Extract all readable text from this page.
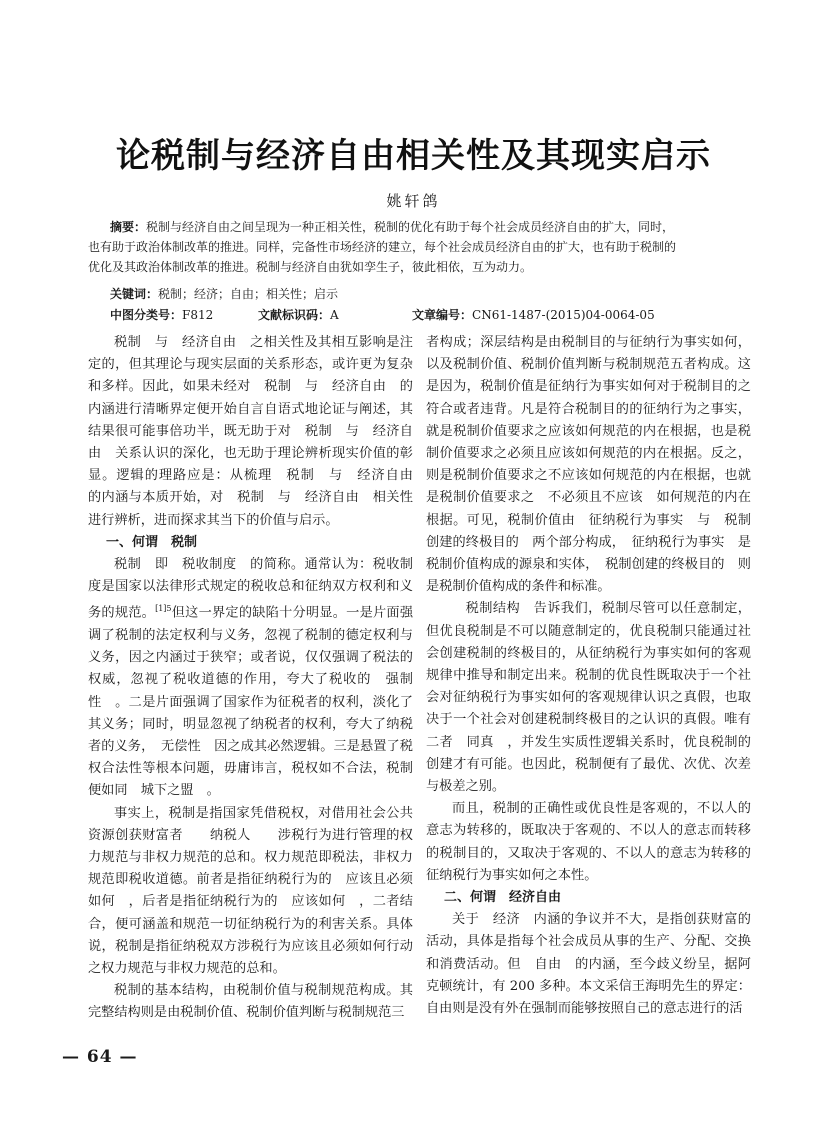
论税制与经济自由相关性及其现实启示
姚轩鸽
摘要：税制与经济自由之间呈现为一种正相关性，税制的优化有助于每个社会成员经济自由的扩大，同时，
也有助于政治体制改革的推进。同样，完备性市场经济的建立，每个社会成员经济自由的扩大，也有助于税制的
优化及其政治体制改革的推进。税制与经济自由犹如孪生子，彼此相依，互为动力。
关键词：税制；经济；自由；相关性；启示
中图分类号：F812	文献标识码：A	文章编号：CN61-1487-(2015)04-0064-05

税制　与　经济自由　之相关性及其相互影响是注定的，但其理论与现实层面的关系形态，或许更为复杂和多样。因此，如果未经对　税制　与　经济自由　的内涵进行清晰界定便开始自言自语式地论证与阐述，其结果很可能事倍功半，既无助于对　税制　与　经济自由　关系认识的深化，也无助于理论辨析现实价值的彰显。逻辑的理路应是：从梳理　税制　与　经济自由　的内涵与本质开始，对　税制　与　经济自由　相关性进行辨析，进而探求其当下的价值与启示。

一、何谓　税制

税制　即　税收制度　的简称。通常认为：税收制度是国家以法律形式规定的税收总和征纳双方权利和义务的规范。$^{[1]5}$但这一界定的缺陷十分明显。一是片面强调了税制的法定权利与义务，忽视了税制的德定权利与义务，因之内涵过于狭窄；或者说，仅仅强调了税法的权威，忽视了税收道德的作用，夸大了税收的　强制性　。二是片面强调了国家作为征税者的权利，淡化了其义务；同时，明显忽视了纳税者的权利，夸大了纳税者的义务，　无偿性　因之成其必然逻辑。三是悬置了税权合法性等根本问题，毋庸讳言，税权如不合法，税制便如同　城下之盟　。

事实上，税制是指国家凭借税权，对借用社会公共资源创获财富者　　纳税人　　涉税行为进行管理的权力规范与非权力规范的总和。权力规范即税法，非权力规范即税收道德。前者是指征纳税行为的　应该且必须如何　，后者是指征纳税行为的　应该如何　，二者结合，便可涵盖和规范一切征纳税行为的利害关系。具体说，税制是指征纳税双方涉税行为应该且必须如何行动之权力规范与非权力规范的总和。

税制的基本结构，由税制价值与税制规范构成。其完整结构则是由税制价值、税制价值判断与税制规范三

者构成；深层结构是由税制目的与征纳行为事实如何，以及税制价值、税制价值判断与税制规范五者构成。这是因为，税制价值是征纳行为事实如何对于税制目的之符合或者违背。凡是符合税制目的的征纳行为之事实，就是税制价值要求之应该如何规范的内在根据，也是税制价值要求之必须且应该如何规范的内在根据。反之，则是税制价值要求之不应该如何规范的内在根据，也就是税制价值要求之　不必须且不应该　如何规范的内在根据。可见，税制价值由　征纳税行为事实　与　税制创建的终极目的　两个部分构成，　征纳税行为事实　是税制价值构成的源泉和实体，　税制创建的终极目的　则是税制价值构成的条件和标准。

　税制结构　告诉我们，税制尽管可以任意制定，但优良税制是不可以随意制定的，优良税制只能通过社会创建税制的终极目的，从征纳税行为事实如何的客观规律中推导和制定出来。税制的优良性既取决于一个社会对征纳税行为事实如何的客观规律认识之真假，也取决于一个社会对创建税制终极目的之认识的真假。唯有二者　同真　，并发生实质性逻辑关系时，优良税制的创建才有可能。也因此，税制便有了最优、次优、次差与极差之别。

而且，税制的正确性或优良性是客观的，不以人的意志为转移的，既取决于客观的、不以人的意志而转移的税制目的，又取决于客观的、不以人的意志为转移的征纳税行为事实如何之本性。

二、何谓　经济自由

关于　经济　内涵的争议并不大，是指创获财富的活动，具体是指每个社会成员从事的生产、分配、交换和消费活动。但　自由　的内涵，至今歧义纷呈，据阿克顿统计，有 200 多种。本文采信王海明先生的界定：自由则是没有外在强制而能够按照自己的意志进行的活

— 64 —
